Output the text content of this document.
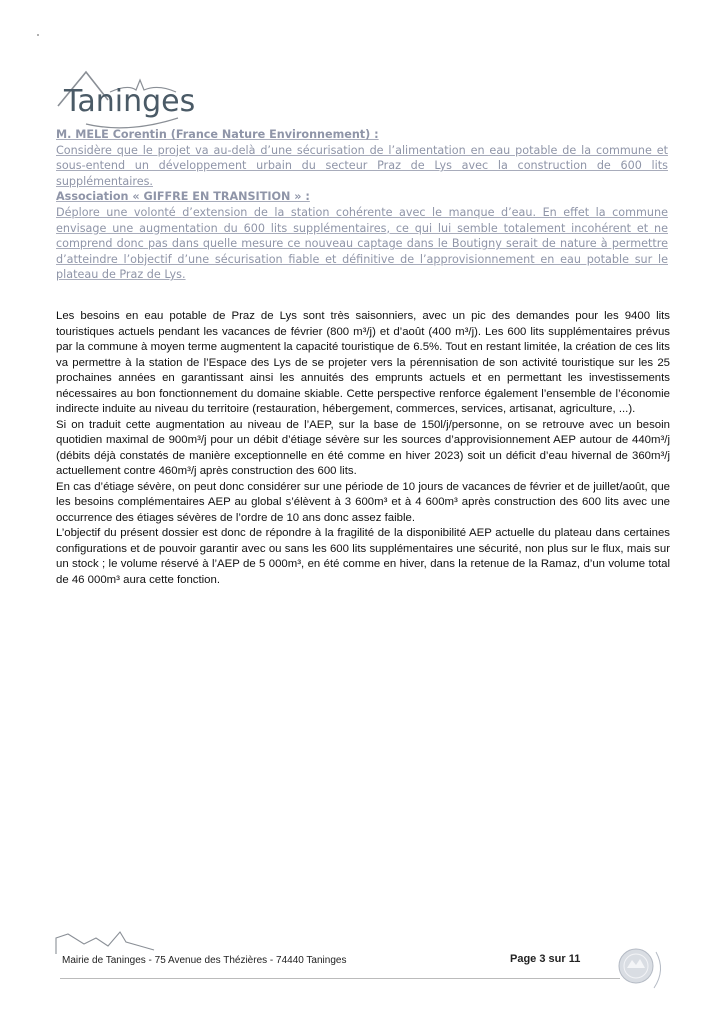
Taninges

M. MELE Corentin (France Nature Environnement) :

Considère que le projet va au-delà d’une sécurisation de l’alimentation en eau potable de la commune et sous-entend un développement urbain du secteur Praz de Lys avec la construction de 600 lits supplémentaires.

Association « GIFFRE EN TRANSITION » :

Déplore une volonté d’extension de la station cohérente avec le manque d’eau. En effet la commune envisage une augmentation du 600 lits supplémentaires, ce qui lui semble totalement incohérent et ne comprend donc pas dans quelle mesure ce nouveau captage dans le Boutigny serait de nature à permettre d’atteindre l’objectif d’une sécurisation fiable et définitive de l’approvisionnement en eau potable sur le plateau de Praz de Lys.

Les besoins en eau potable de Praz de Lys sont très saisonniers, avec un pic des demandes pour les 9400 lits touristiques actuels pendant les vacances de février (800 m³/j) et d’août (400 m³/j). Les 600 lits supplémentaires prévus par la commune à moyen terme augmentent la capacité touristique de 6.5%. Tout en restant limitée, la création de ces lits va permettre à la station de l’Espace des Lys de se projeter vers la pérennisation de son activité touristique sur les 25 prochaines années en garantissant ainsi les annuités des emprunts actuels et en permettant les investissements nécessaires au bon fonctionnement du domaine skiable. Cette perspective renforce également l’ensemble de l’économie indirecte induite au niveau du territoire (restauration, hébergement, commerces, services, artisanat, agriculture, ...).

Si on traduit cette augmentation au niveau de l’AEP, sur la base de 150l/j/personne, on se retrouve avec un besoin quotidien maximal de 900m³/j pour un débit d’étiage sévère sur les sources d’approvisionnement AEP autour de 440m³/j (débits déjà constatés de manière exceptionnelle en été comme en hiver 2023) soit un déficit d’eau hivernal de 360m³/j actuellement contre 460m³/j après construction des 600 lits.

En cas d’étiage sévère, on peut donc considérer sur une période de 10 jours de vacances de février et de juillet/août, que les besoins complémentaires AEP au global s’élèvent à 3 600m³ et à 4 600m³ après construction des 600 lits avec une occurrence des étiages sévères de l’ordre de 10 ans donc assez faible.

L’objectif du présent dossier est donc de répondre à la fragilité de la disponibilité AEP actuelle du plateau dans certaines configurations et de pouvoir garantir avec ou sans les 600 lits supplémentaires une sécurité, non plus sur le flux, mais sur un stock ; le volume réservé à l’AEP de 5 000m³, en été comme en hiver, dans la retenue de la Ramaz, d’un volume total de 46 000m³ aura cette fonction.

Mairie de Taninges - 75 Avenue des Thézières - 74440 Taninges	Page 3 sur 11
